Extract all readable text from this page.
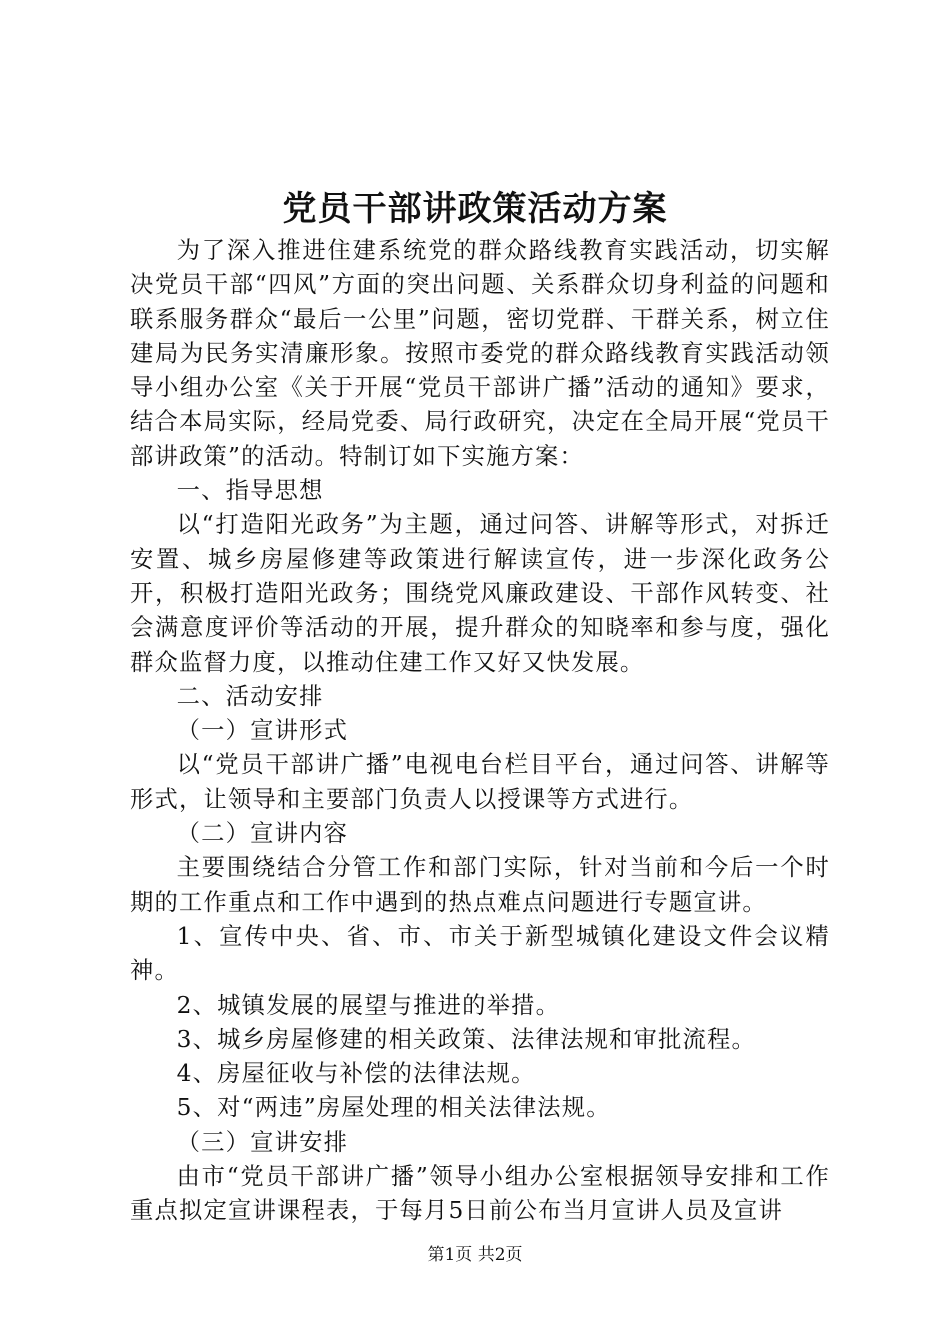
党员干部讲政策活动方案

为了深入推进住建系统党的群众路线教育实践活动，切实解决党员干部“四风”方面的突出问题、关系群众切身利益的问题和联系服务群众“最后一公里”问题，密切党群、干群关系，树立住建局为民务实清廉形象。按照市委党的群众路线教育实践活动领导小组办公室《关于开展“党员干部讲广播”活动的通知》要求，结合本局实际，经局党委、局行政研究，决定在全局开展“党员干部讲政策”的活动。特制订如下实施方案：

一、指导思想

以“打造阳光政务”为主题，通过问答、讲解等形式，对拆迁安置、城乡房屋修建等政策进行解读宣传，进一步深化政务公开，积极打造阳光政务；围绕党风廉政建设、干部作风转变、社会满意度评价等活动的开展，提升群众的知晓率和参与度，强化群众监督力度，以推动住建工作又好又快发展。

二、活动安排

（一）宣讲形式

以“党员干部讲广播”电视电台栏目平台，通过问答、讲解等形式，让领导和主要部门负责人以授课等方式进行。

（二）宣讲内容

主要围绕结合分管工作和部门实际，针对当前和今后一个时期的工作重点和工作中遇到的热点难点问题进行专题宣讲。

1、宣传中央、省、市、市关于新型城镇化建设文件会议精神。

2、城镇发展的展望与推进的举措。

3、城乡房屋修建的相关政策、法律法规和审批流程。

4、房屋征收与补偿的法律法规。

5、对“两违”房屋处理的相关法律法规。

（三）宣讲安排

由市“党员干部讲广播”领导小组办公室根据领导安排和工作重点拟定宣讲课程表，于每月5日前公布当月宣讲人员及宣讲

第1页 共2页
